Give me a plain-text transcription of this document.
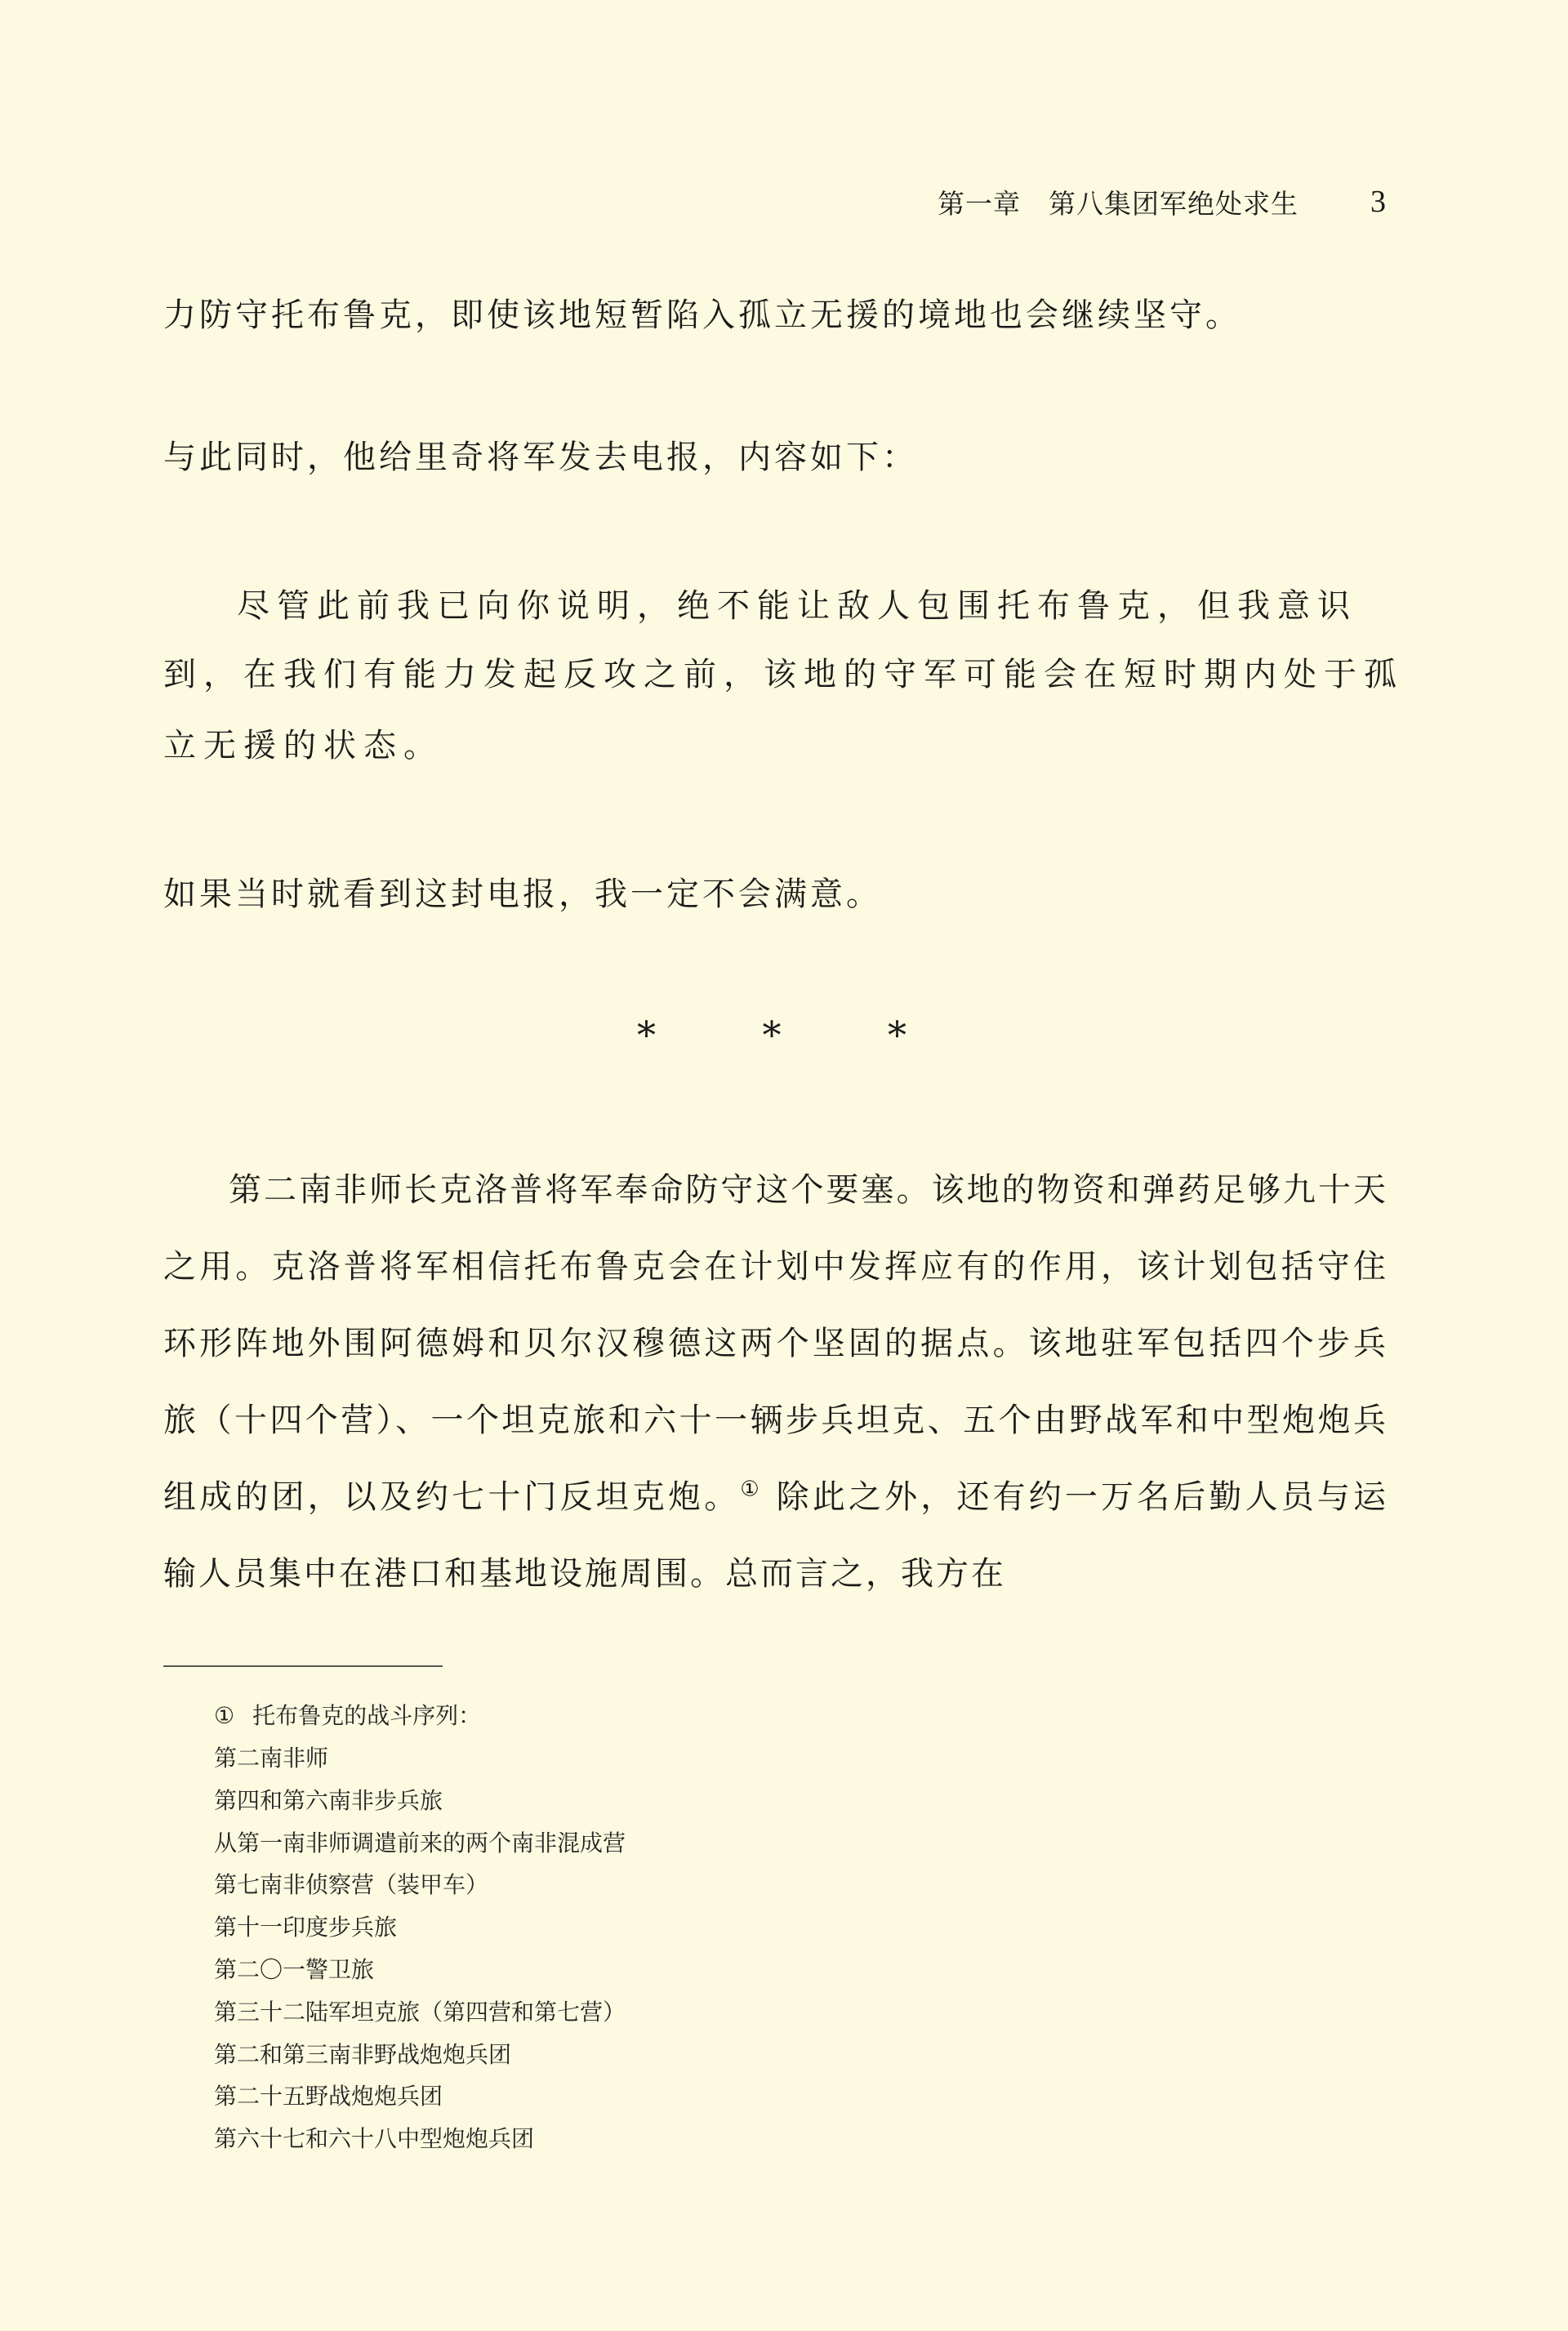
第一章　第八集团军绝处求生 3
力防守托布鲁克，即使该地短暂陷入孤立无援的境地也会继续坚守。
与此同时，他给里奇将军发去电报，内容如下：
尽管此前我已向你说明，绝不能让敌人包围托布鲁克，但我意识
到，在我们有能力发起反攻之前，该地的守军可能会在短时期内处于孤
立无援的状态。
如果当时就看到这封电报，我一定不会满意。
*	*	*
第二南非师长克洛普将军奉命防守这个要塞。该地的物资和弹药足够九十天之用。克洛普将军相信托布鲁克会在计划中发挥应有的作用，该计划包括守住环形阵地外围阿德姆和贝尔汉穆德这两个坚固的据点。该地驻军包括四个步兵旅（十四个营）、一个坦克旅和六十一辆步兵坦克、五个由野战军和中型炮炮兵组成的团，以及约七十门反坦克炮。① 除此之外，还有约一万名后勤人员与运输人员集中在港口和基地设施周围。总而言之，我方在
① 托布鲁克的战斗序列：
第二南非师
第四和第六南非步兵旅
从第一南非师调遣前来的两个南非混成营
第七南非侦察营（装甲车）
第十一印度步兵旅
第二〇一警卫旅
第三十二陆军坦克旅（第四营和第七营）
第二和第三南非野战炮炮兵团
第二十五野战炮炮兵团
第六十七和六十八中型炮炮兵团
